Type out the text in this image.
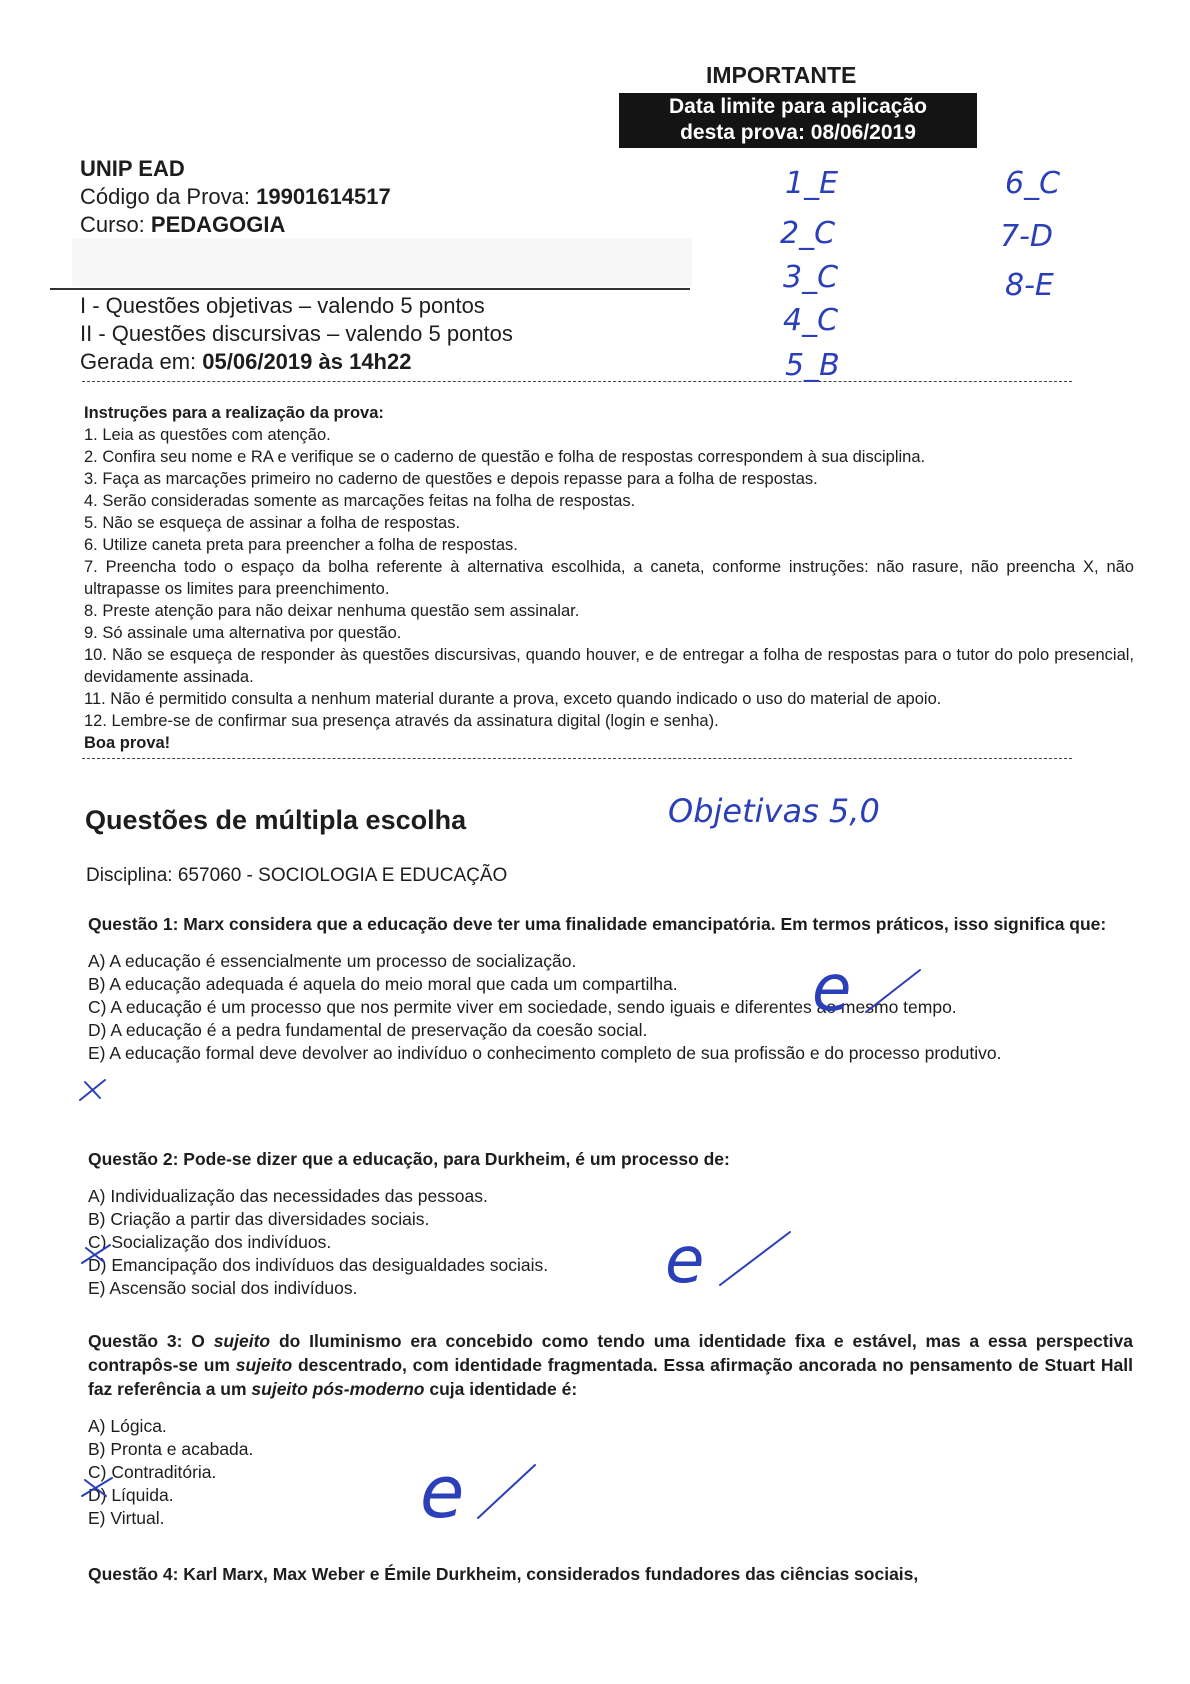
IMPORTANTE
Data limite para aplicação
desta prova: 08/06/2019
UNIP EAD
Código da Prova: 19901614517
Curso: PEDAGOGIA
I - Questões objetivas – valendo 5 pontos
II - Questões discursivas – valendo 5 pontos
Gerada em: 05/06/2019 às 14h22
Instruções para a realização da prova:

1. Leia as questões com atenção.

2. Confira seu nome e RA e verifique se o caderno de questão e folha de respostas correspondem à sua disciplina.

3. Faça as marcações primeiro no caderno de questões e depois repasse para a folha de respostas.

4. Serão consideradas somente as marcações feitas na folha de respostas.

5. Não se esqueça de assinar a folha de respostas.

6. Utilize caneta preta para preencher a folha de respostas.

7. Preencha todo o espaço da bolha referente à alternativa escolhida, a caneta, conforme instruções: não rasure, não preencha X, não ultrapasse os limites para preenchimento.

8. Preste atenção para não deixar nenhuma questão sem assinalar.

9. Só assinale uma alternativa por questão.

10. Não se esqueça de responder às questões discursivas, quando houver, e de entregar a folha de respostas para o tutor do polo presencial, devidamente assinada.

11. Não é permitido consulta a nenhum material durante a prova, exceto quando indicado o uso do material de apoio.

12. Lembre-se de confirmar sua presença através da assinatura digital (login e senha).

Boa prova!
Questões de múltipla escolha
Disciplina: 657060 - SOCIOLOGIA E EDUCAÇÃO
Questão 1: Marx considera que a educação deve ter uma finalidade emancipatória. Em termos práticos, isso significa que:

A) A educação é essencialmente um processo de socialização.

B) A educação adequada é aquela do meio moral que cada um compartilha.

C) A educação é um processo que nos permite viver em sociedade, sendo iguais e diferentes ao mesmo tempo.

D) A educação é a pedra fundamental de preservação da coesão social.

E) A educação formal deve devolver ao indivíduo o conhecimento completo de sua profissão e do processo produtivo.

Questão 2: Pode-se dizer que a educação, para Durkheim, é um processo de:

A) Individualização das necessidades das pessoas.

B) Criação a partir das diversidades sociais.

C) Socialização dos indivíduos.

D) Emancipação dos indivíduos das desigualdades sociais.

E) Ascensão social dos indivíduos.

Questão 3: O sujeito do Iluminismo era concebido como tendo uma identidade fixa e estável, mas a essa perspectiva contrapôs-se um sujeito descentrado, com identidade fragmentada. Essa afirmação ancorada no pensamento de Stuart Hall faz referência a um sujeito pós-moderno cuja identidade é:

A) Lógica.

B) Pronta e acabada.

C) Contraditória.

D) Líquida.

E) Virtual.

Questão 4: Karl Marx, Max Weber e Émile Durkheim, considerados fundadores das ciências sociais,
1_E
2_C
3_C
4_C
5_B
6_C
7-D
8-E
Objetivas 5,0
e
e
e
